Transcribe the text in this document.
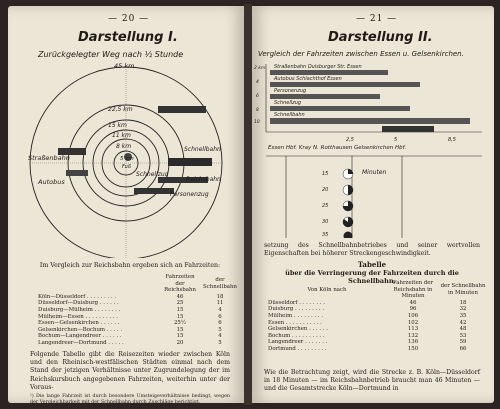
— 20 —
Darstellung I.
Zurückgelegter Weg nach ½ Stunde
45 km
22,5 km
15 km
11 km
8 km
5 km
Schnellbahn
Straßenbahn
Autobus
Schnellzug
Reichsbahn
Personenzug
Fuß
Im Vergleich zur Reichsbahn ergeben sich an Fahrzeiten:
	Fahrzeiten der Reichsbahn	der Schnellbahn
Köln—Düsseldorf . . . . . . . . .	46	18
Düsseldorf—Duisburg . . . . . .	25	11
Duisburg—Mülheim . . . . . . . .	15	4
Mülheim—Essen . . . . . . . . . .	15	6
Essen—Gelsenkirchen . . . . . .	25½	6
Gelsenkirchen—Bochum . . . . .	15	5
Bochum—Langendreer . . . . . .	15	4
Langendreer—Dortmund . . . . .	20	5
Folgende Tabelle gibt die Reisezeiten wieder zwischen Köln und den Rheinisch-westfälischen Städten einmal nach dem Stand der jetzigen Verhältnisse unter Zugrundelegung der im Reichskursbuch angegebenen Fahrzeiten, weiterhin unter der Voraus-
¹) Die lange Fahrzeit ist durch besondere Umsteigeverhältnisse bedingt, wegen der Vergleichbarkeit mit der Schnellbahn durch Zuschläge berichtigt.
— 21 —
Darstellung II.
Vergleich der Fahrzeiten zwischen Essen u. Gelsenkirchen.
Straßenbahn Duisburger Str. Essen
Autobus Schlachthof Essen
Personenzug
Schnellzug
Schnellbahn
2 km
4
6
8
10
2,5	5	8,5
Essen Hbf. Kray N. Rotthausen Gelsenkirchen Hbf.
Minuten
15
20
25
30
35
setzung des Schnellbahnbetriebes und seiner wertvollen Eigenschaften bei höherer Streckengeschwindigkeit.
Tabelle
über die Verringerung der Fahrzeiten durch die Schnellbahn.
Von Köln nach	Fahrzeiten der Reichsbahn in Minuten	der Schnellbahn in Minuten
Düsseldorf . . . . . . . .	46	18
Duisburg . . . . . . . . .	96	32
Mülheim . . . . . . . . .	106	35
Essen . . . . . . . . . . .	102	42
Gelsenkirchen . . . . . .	113	48
Bochum . . . . . . . . . .	132	53
Langendreer . . . . . . .	136	59
Dortmund . . . . . . . . .	150	66
Wie die Betrachtung zeigt, wird die Strecke z. B. Köln—Düsseldorf in 18 Minuten — im Reichsbahnbetrieb braucht man 46 Minuten — und die Gesamtstrecke Köln—Dortmund in
